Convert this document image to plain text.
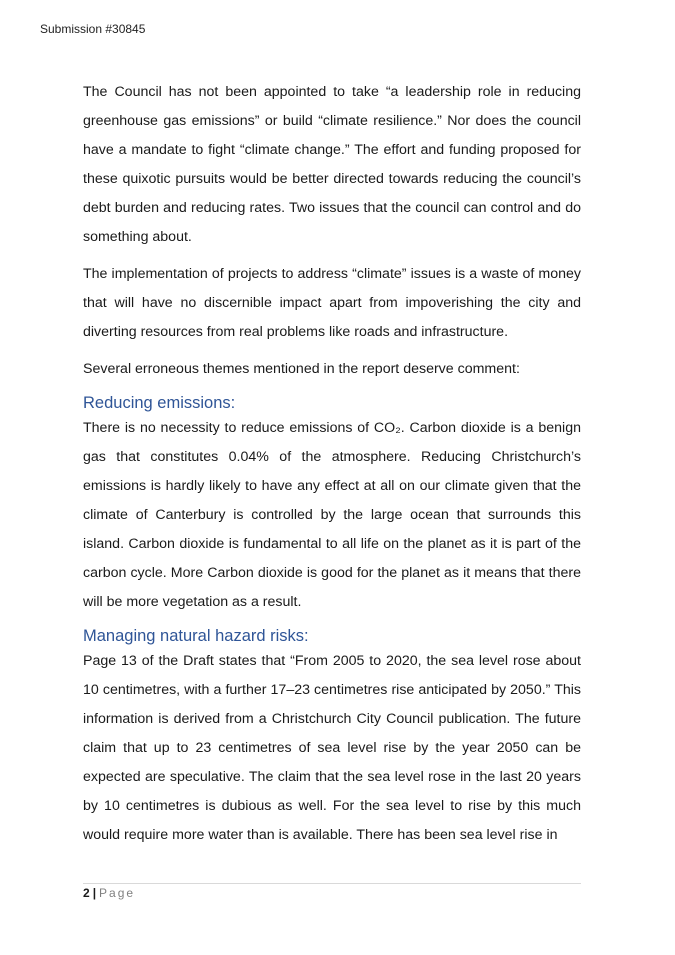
Submission #30845

The Council has not been appointed to take “a leadership role in reducing greenhouse gas emissions” or build “climate resilience.” Nor does the council have a mandate to fight “climate change.” The effort and funding proposed for these quixotic pursuits would be better directed towards reducing the council’s debt burden and reducing rates. Two issues that the council can control and do something about.

The implementation of projects to address “climate” issues is a waste of money that will have no discernible impact apart from impoverishing the city and diverting resources from real problems like roads and infrastructure.

Several erroneous themes mentioned in the report deserve comment:

Reducing emissions:

There is no necessity to reduce emissions of CO₂. Carbon dioxide is a benign gas that constitutes 0.04% of the atmosphere. Reducing Christchurch’s emissions is hardly likely to have any effect at all on our climate given that the climate of Canterbury is controlled by the large ocean that surrounds this island. Carbon dioxide is fundamental to all life on the planet as it is part of the carbon cycle. More Carbon dioxide is good for the planet as it means that there will be more vegetation as a result.

Managing natural hazard risks:

Page 13 of the Draft states that “From 2005 to 2020, the sea level rose about 10 centimetres, with a further 17–23 centimetres rise anticipated by 2050.” This information is derived from a Christchurch City Council publication. The future claim that up to 23 centimetres of sea level rise by the year 2050 can be expected are speculative. The claim that the sea level rose in the last 20 years by 10 centimetres is dubious as well. For the sea level to rise by this much would require more water than is available. There has been sea level rise in

2 | Page
